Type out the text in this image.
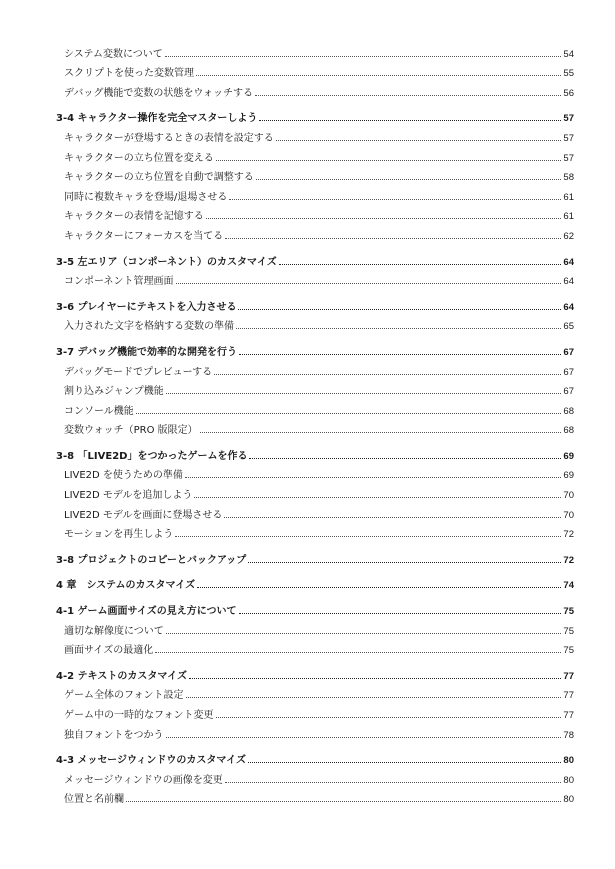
システム変数について	54
スクリプトを使った変数管理	55
デバッグ機能で変数の状態をウォッチする	56
3-4 キャラクター操作を完全マスターしよう	57
キャラクターが登場するときの表情を設定する	57
キャラクターの立ち位置を変える	57
キャラクターの立ち位置を自動で調整する	58
同時に複数キャラを登場/退場させる	61
キャラクターの表情を記憶する	61
キャラクターにフォーカスを当てる	62
3-5 左エリア（コンポーネント）のカスタマイズ	64
コンポーネント管理画面	64
3-6 プレイヤーにテキストを入力させる	64
入力された文字を格納する変数の準備	65
3-7 デバッグ機能で効率的な開発を行う	67
デバッグモードでプレビューする	67
割り込みジャンプ機能	67
コンソール機能	68
変数ウォッチ（PRO 版限定）	68
3-8 「LIVE2D」をつかったゲームを作る	69
LIVE2D を使うための準備	69
LIVE2D モデルを追加しよう	70
LIVE2D モデルを画面に登場させる	70
モーションを再生しよう	72
3-8 プロジェクトのコピーとバックアップ	72
4 章　システムのカスタマイズ	74
4-1 ゲーム画面サイズの見え方について	75
適切な解像度について	75
画面サイズの最適化	75
4-2 テキストのカスタマイズ	77
ゲーム全体のフォント設定	77
ゲーム中の一時的なフォント変更	77
独自フォントをつかう	78
4-3 メッセージウィンドウのカスタマイズ	80
メッセージウィンドウの画像を変更	80
位置と名前欄	80
